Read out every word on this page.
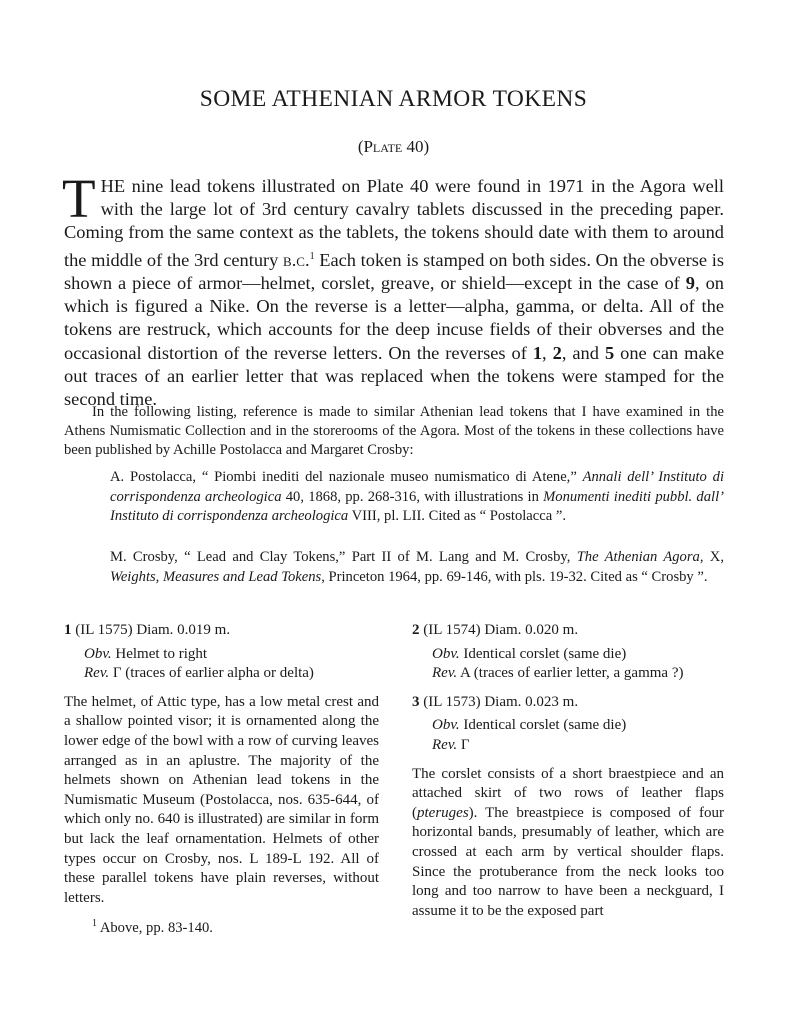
SOME ATHENIAN ARMOR TOKENS

(Plate 40)

THE nine lead tokens illustrated on Plate 40 were found in 1971 in the Agora well with the large lot of 3rd century cavalry tablets discussed in the preceding paper. Coming from the same context as the tablets, the tokens should date with them to around the middle of the 3rd century b.c.$^1$ Each token is stamped on both sides. On the obverse is shown a piece of armor—helmet, corslet, greave, or shield—except in the case of 9, on which is figured a Nike. On the reverse is a letter—alpha, gamma, or delta. All of the tokens are restruck, which accounts for the deep incuse fields of their obverses and the occasional distortion of the reverse letters. On the reverses of 1, 2, and 5 one can make out traces of an earlier letter that was replaced when the tokens were stamped for the second time.

In the following listing, reference is made to similar Athenian lead tokens that I have examined in the Athens Numismatic Collection and in the storerooms of the Agora. Most of the tokens in these collections have been published by Achille Postolacca and Margaret Crosby:

A. Postolacca, “ Piombi inediti del nazionale museo numismatico di Atene,” Annali dell’ Instituto di corrispondenza archeologica 40, 1868, pp. 268-316, with illustrations in Monumenti inediti pubbl. dall’ Instituto di corrispondenza archeologica VIII, pl. LII. Cited as “ Postolacca ”.

M. Crosby, “ Lead and Clay Tokens,” Part II of M. Lang and M. Crosby, The Athenian Agora, X, Weights, Measures and Lead Tokens, Princeton 1964, pp. 69-146, with pls. 19-32. Cited as “ Crosby ”.

1 (IL 1575) Diam. 0.019 m.

Obv. Helmet to right

Rev. Γ (traces of earlier alpha or delta)

The helmet, of Attic type, has a low metal crest and a shallow pointed visor; it is ornamented along the lower edge of the bowl with a row of curving leaves arranged as in an aplustre. The majority of the helmets shown on Athenian lead tokens in the Numismatic Museum (Postolacca, nos. 635-644, of which only no. 640 is illustrated) are similar in form but lack the leaf ornamentation. Helmets of other types occur on Crosby, nos. L 189-L 192. All of these parallel tokens have plain reverses, without letters.

2 (IL 1574) Diam. 0.020 m.

Obv. Identical corslet (same die)

Rev. A (traces of earlier letter, a gamma ?)

3 (IL 1573) Diam. 0.023 m.

Obv. Identical corslet (same die)

Rev. Γ

The corslet consists of a short braestpiece and an attached skirt of two rows of leather flaps (pteruges). The breastpiece is composed of four horizontal bands, presumably of leather, which are crossed at each arm by vertical shoulder flaps. Since the protuberance from the neck looks too long and too narrow to have been a neckguard, I assume it to be the exposed part

$^1$ Above, pp. 83-140.
